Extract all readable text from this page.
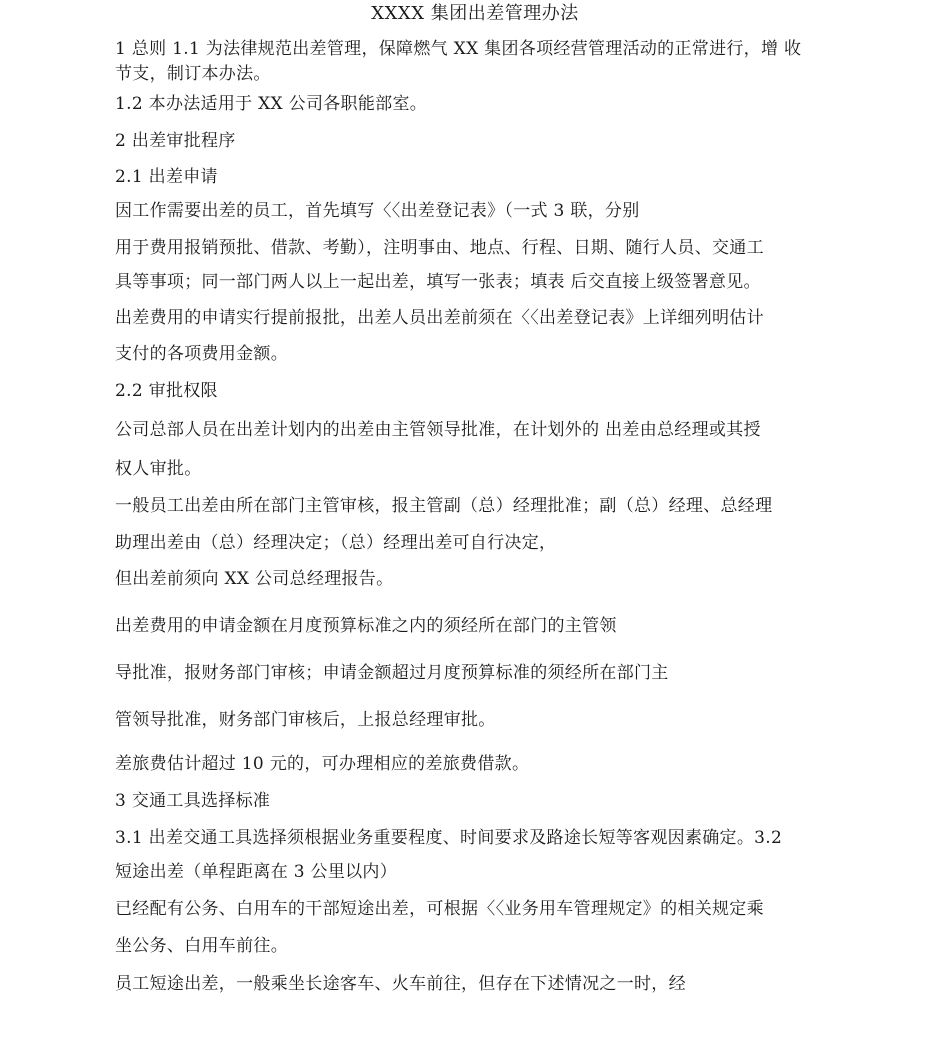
XXXX 集团出差管理办法
1 总则 1.1 为法律规范出差管理，保障燃气 XX 集团各项经营管理活动的正常进行，增 收
节支，制订本办法。
1.2 本办法适用于 XX 公司各职能部室。
2 出差审批程序
2.1 出差申请
因工作需要出差的员工，首先填写〈〈出差登记表》（一式 3 联，分别
用于费用报销预批、借款、考勤），注明事由、地点、行程、日期、随行人员、交通工
具等事项；同一部门两人以上一起出差，填写一张表；填表 后交直接上级签署意见。
出差费用的申请实行提前报批，出差人员出差前须在〈〈出差登记表》上详细列明估计
支付的各项费用金额。
2.2 审批权限
公司总部人员在出差计划内的出差由主管领导批准，在计划外的 出差由总经理或其授
权人审批。
一般员工出差由所在部门主管审核，报主管副（总）经理批准；副（总）经理、总经理
助理出差由（总）经理决定；（总）经理出差可自行决定，
但出差前须向 XX 公司总经理报告。
出差费用的申请金额在月度预算标准之内的须经所在部门的主管领
导批准，报财务部门审核；申请金额超过月度预算标准的须经所在部门主
管领导批准，财务部门审核后，上报总经理审批。
差旅费估计超过 10 元的，可办理相应的差旅费借款。
3 交通工具选择标准
3.1 出差交通工具选择须根据业务重要程度、时间要求及路途长短等客观因素确定。3.2
短途出差（单程距离在 3 公里以内）
已经配有公务、白用车的干部短途出差，可根据〈〈业务用车管理规定》的相关规定乘
坐公务、白用车前往。
员工短途出差，一般乘坐长途客车、火车前往，但存在下述情况之一时，经
